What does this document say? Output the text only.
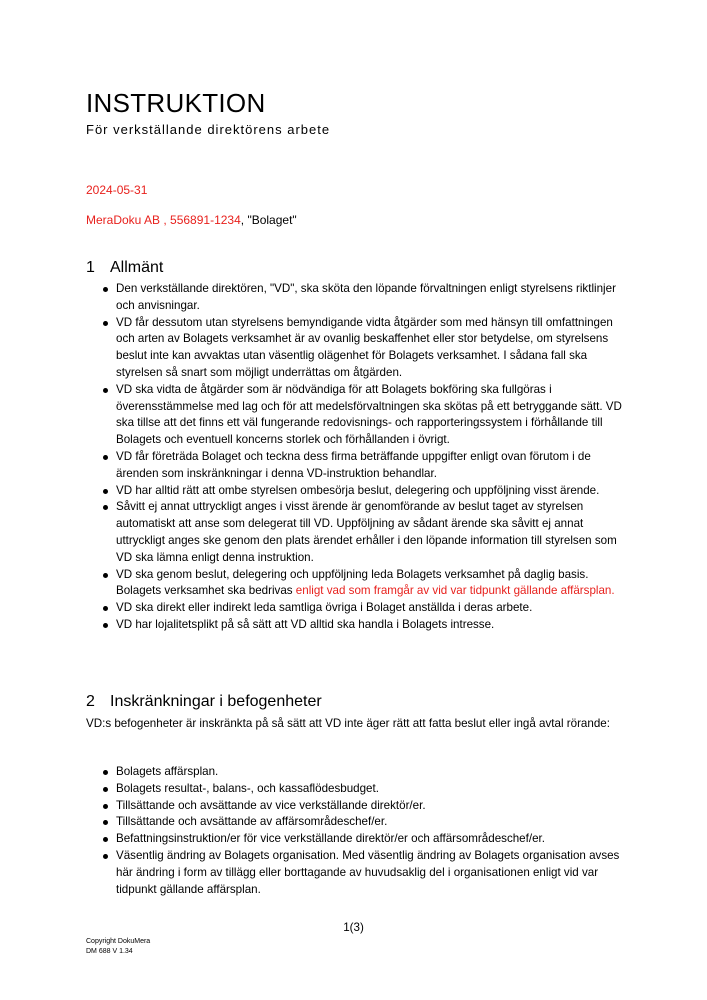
INSTRUKTION

För verkställande direktörens arbete

2024-05-31

MeraDoku AB , 556891-1234, "Bolaget"

1 Allmänt
Den verkställande direktören, "VD", ska sköta den löpande förvaltningen enligt styrelsens riktlinjer och anvisningar.
VD får dessutom utan styrelsens bemyndigande vidta åtgärder som med hänsyn till omfattningen och arten av Bolagets verksamhet är av ovanlig beskaffenhet eller stor betydelse, om styrelsens beslut inte kan avvaktas utan väsentlig olägenhet för Bolagets verksamhet. I sådana fall ska styrelsen så snart som möjligt underrättas om åtgärden.
VD ska vidta de åtgärder som är nödvändiga för att Bolagets bokföring ska fullgöras i överensstämmelse med lag och för att medelsförvaltningen ska skötas på ett betryggande sätt. VD ska tillse att det finns ett väl fungerande redovisnings- och rapporteringssystem i förhållande till Bolagets och eventuell koncerns storlek och förhållanden i övrigt.
VD får företräda Bolaget och teckna dess firma beträffande uppgifter enligt ovan förutom i de ärenden som inskränkningar i denna VD-instruktion behandlar.
VD har alltid rätt att ombe styrelsen ombesörja beslut, delegering och uppföljning visst ärende.
Såvitt ej annat uttryckligt anges i visst ärende är genomförande av beslut taget av styrelsen automatiskt att anse som delegerat till VD. Uppföljning av sådant ärende ska såvitt ej annat uttryckligt anges ske genom den plats ärendet erhåller i den löpande information till styrelsen som VD ska lämna enligt denna instruktion.
VD ska genom beslut, delegering och uppföljning leda Bolagets verksamhet på daglig basis. Bolagets verksamhet ska bedrivas enligt vad som framgår av vid var tidpunkt gällande affärsplan.
VD ska direkt eller indirekt leda samtliga övriga i Bolaget anställda i deras arbete.
VD har lojalitetsplikt på så sätt att VD alltid ska handla i Bolagets intresse.
2 Inskränkningar i befogenheter

VD:s befogenheter är inskränkta på så sätt att VD inte äger rätt att fatta beslut eller ingå avtal rörande:

Bolagets affärsplan.
Bolagets resultat-, balans-, och kassaflödesbudget.
Tillsättande och avsättande av vice verkställande direktör/er.
Tillsättande och avsättande av affärsområdeschef/er.
Befattningsinstruktion/er för vice verkställande direktör/er och affärsområdeschef/er.
Väsentlig ändring av Bolagets organisation. Med väsentlig ändring av Bolagets organisation avses här ändring i form av tillägg eller borttagande av huvudsaklig del i organisationen enligt vid var tidpunkt gällande affärsplan.

1(3)

Copyright DokuMera
DM 688 V 1.34
